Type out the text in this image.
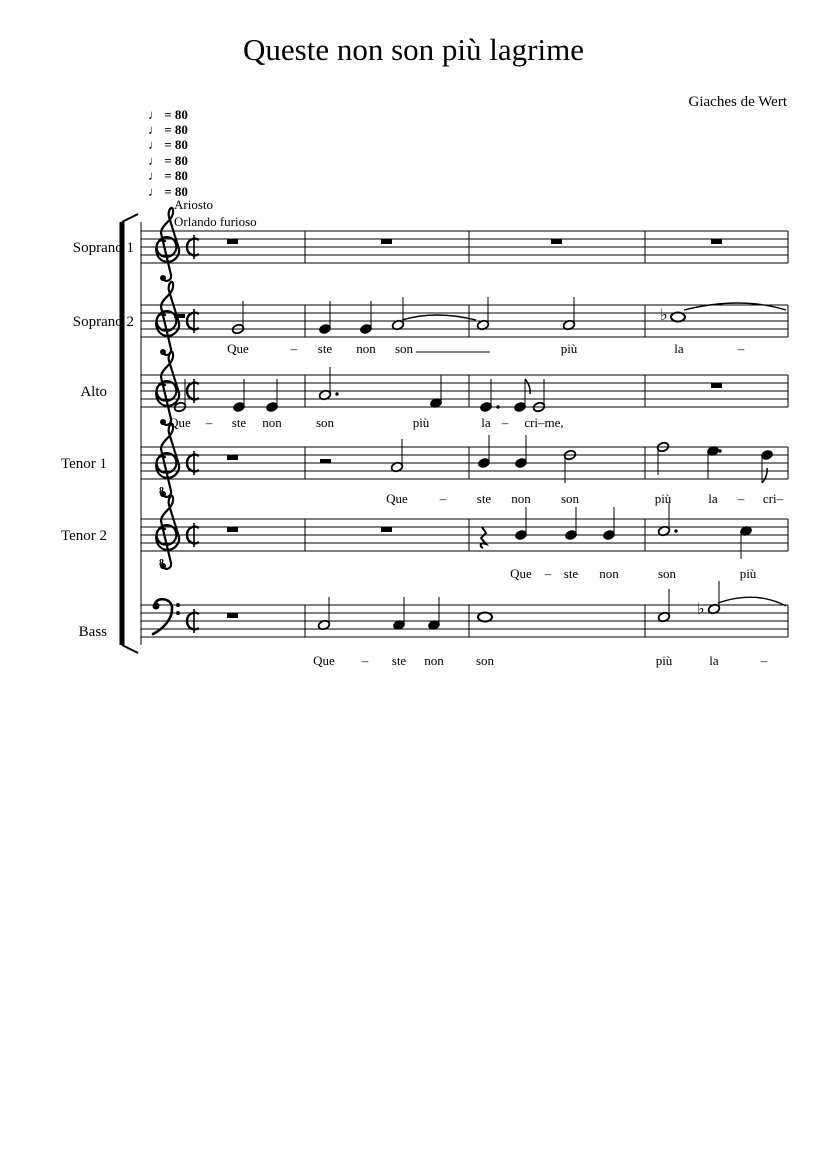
Queste non son più lagrime
Giaches de Wert
♩ = 80
♩ = 80
♩ = 80
♩ = 80
♩ = 80
♩ = 80
Ariosto
Orlando furioso
Soprano 1
Soprano 2
Alto
Tenor 1
Tenor 2
Bass
8
8
♭
♭
Que	– ste non son	più	la	–
Que – ste non	son	più	la – cri–me,
Que – ste non son	più	la – cri–
Que – ste non	son	più
Que – ste non son	più	la	–
